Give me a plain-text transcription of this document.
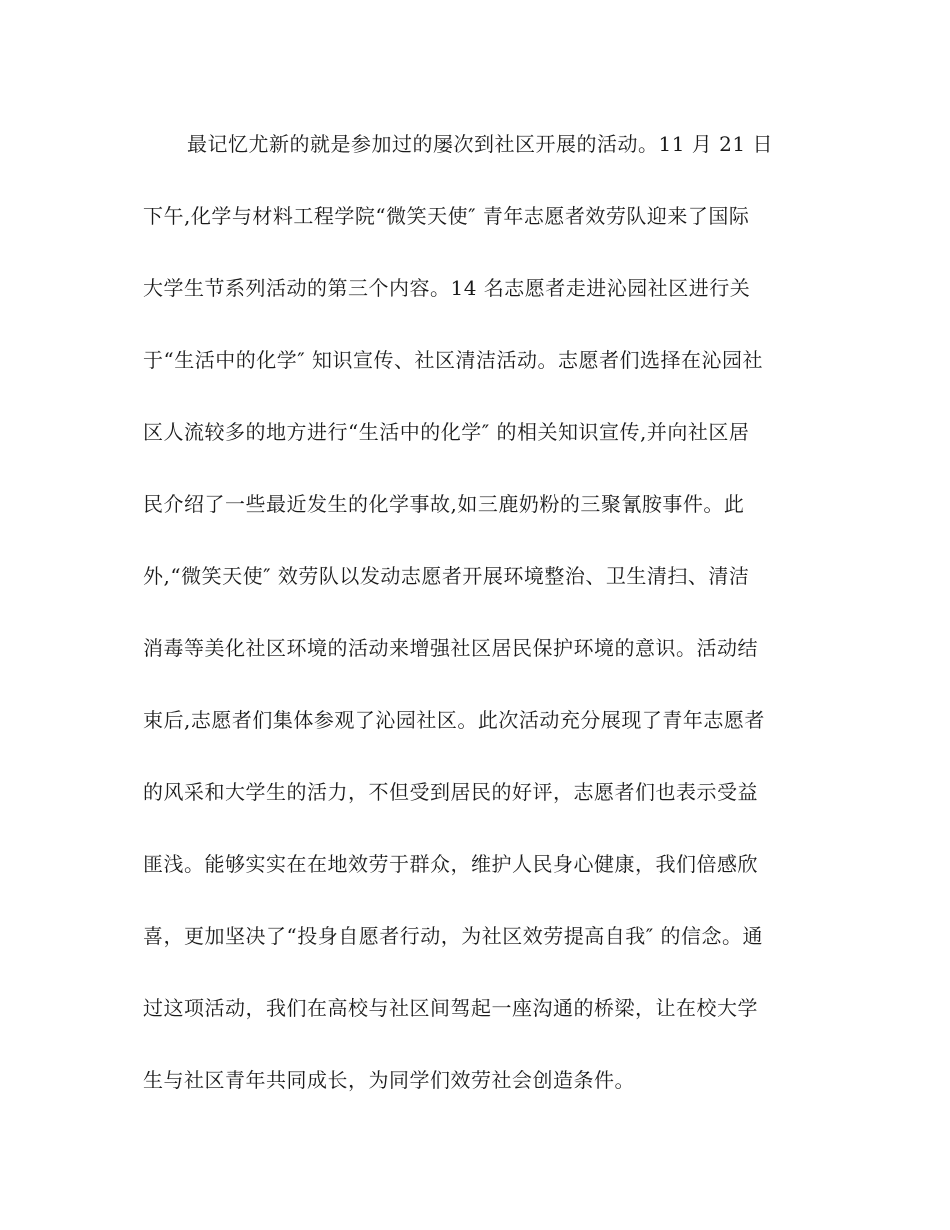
最记忆尤新的就是参加过的屡次到社区开展的活动。11 月 21 日
下午,化学与材料工程学院“微笑天使″ 青年志愿者效劳队迎来了国际
大学生节系列活动的第三个内容。14 名志愿者走进沁园社区进行关
于“生活中的化学″ 知识宣传、社区清洁活动。志愿者们选择在沁园社
区人流较多的地方进行“生活中的化学″ 的相关知识宣传,并向社区居
民介绍了一些最近发生的化学事故,如三鹿奶粉的三聚氰胺事件。此
外,“微笑天使″ 效劳队以发动志愿者开展环境整治、卫生清扫、清洁
消毒等美化社区环境的活动来增强社区居民保护环境的意识。活动结
束后,志愿者们集体参观了沁园社区。此次活动充分展现了青年志愿者
的风采和大学生的活力，不但受到居民的好评，志愿者们也表示受益
匪浅。能够实实在在地效劳于群众，维护人民身心健康，我们倍感欣
喜，更加坚决了“投身自愿者行动，为社区效劳提高自我″ 的信念。通
过这项活动，我们在高校与社区间驾起一座沟通的桥梁，让在校大学
生与社区青年共同成长，为同学们效劳社会创造条件。
